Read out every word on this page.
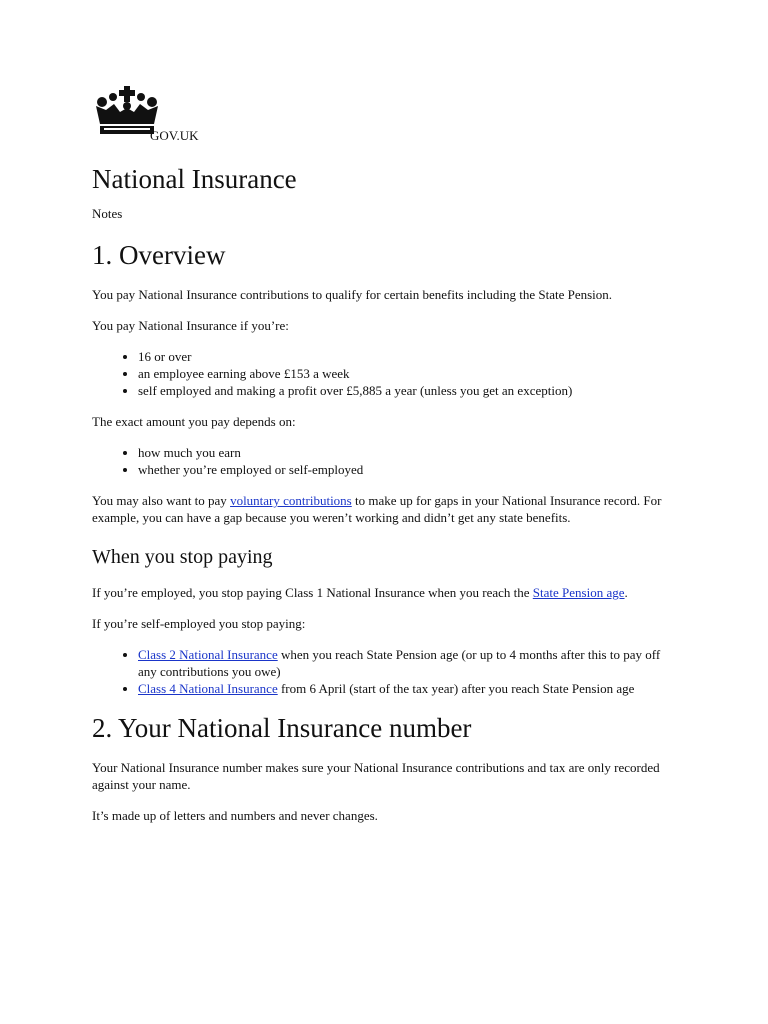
GOV.UK
National Insurance
Notes
1. Overview

You pay National Insurance contributions to qualify for certain benefits including the State Pension.

You pay National Insurance if you’re:

• 16 or over
• an employee earning above £153 a week
• self employed and making a profit over £5,885 a year (unless you get an exception)

The exact amount you pay depends on:

• how much you earn
• whether you’re employed or self-employed

You may also want to pay voluntary contributions to make up for gaps in your National Insurance record. For example, you can have a gap because you weren’t working and didn’t get any state benefits.

When you stop paying

If you’re employed, you stop paying Class 1 National Insurance when you reach the State Pension age.

If you’re self-employed you stop paying:

• Class 2 National Insurance when you reach State Pension age (or up to 4 months after this to pay off any contributions you owe)
• Class 4 National Insurance from 6 April (start of the tax year) after you reach State Pension age
2. Your National Insurance number

Your National Insurance number makes sure your National Insurance contributions and tax are only recorded against your name.

It’s made up of letters and numbers and never changes.
